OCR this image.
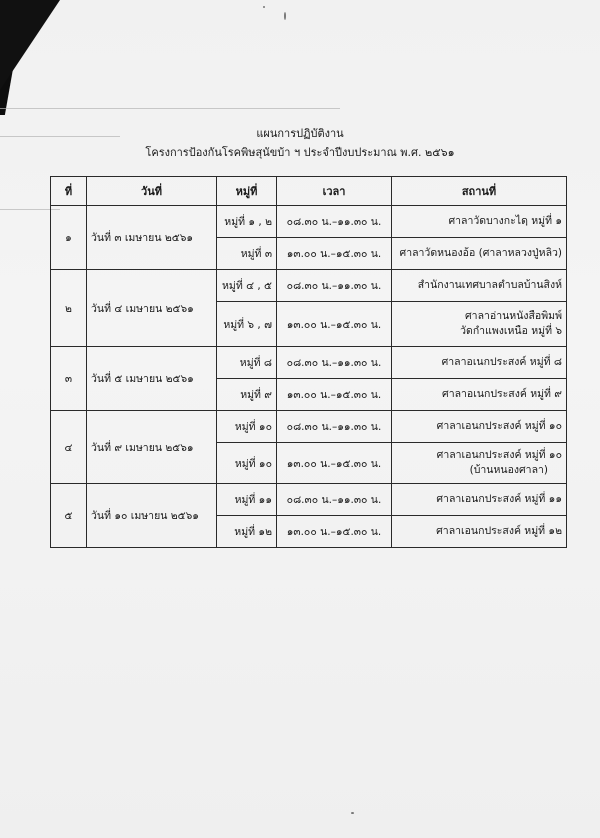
แผนการปฏิบัติงาน
โครงการป้องกันโรคพิษสุนัขบ้า ฯ ประจำปีงบประมาณ พ.ศ. ๒๕๖๑
ที่	วันที่	หมู่ที่	เวลา	สถานที่
๑	วันที่ ๓ เมษายน ๒๕๖๑	หมู่ที่ ๑ , ๒	๐๘.๓๐ น.–๑๑.๓๐ น.	ศาลาวัดบางกะไดฺ หมู่ที่ ๑
		หมู่ที่ ๓	๑๓.๐๐ น.–๑๕.๓๐ น.	ศาลาวัดหนองอ้อ (ศาลาหลวงปู่หลิว)
๒	วันที่ ๔ เมษายน ๒๕๖๑	หมู่ที่ ๔ , ๕	๐๘.๓๐ น.–๑๑.๓๐ น.	สำนักงานเทศบาลตำบลบ้านสิงห์
		หมู่ที่ ๖ , ๗	๑๓.๐๐ น.–๑๕.๓๐ น.	ศาลาอ่านหนังสือพิมพ์
วัดกำแพงเหนือ หมู่ที่ ๖

๓	วันที่ ๕ เมษายน ๒๕๖๑	หมู่ที่ ๘	๐๘.๓๐ น.–๑๑.๓๐ น.	ศาลาอเนกประสงค์ หมู่ที่ ๘
		หมู่ที่ ๙	๑๓.๐๐ น.–๑๕.๓๐ น.	ศาลาอเนกประสงค์ หมู่ที่ ๙
๔	วันที่ ๙ เมษายน ๒๕๖๑	หมู่ที่ ๑๐	๐๘.๓๐ น.–๑๑.๓๐ น.	ศาลาเอนกประสงค์ หมู่ที่ ๑๐
		หมู่ที่ ๑๐	๑๓.๐๐ น.–๑๕.๓๐ น.	ศาลาเอนกประสงค์ หมู่ที่ ๑๐
(บ้านหนองศาลา)

๕	วันที่ ๑๐ เมษายน ๒๕๖๑	หมู่ที่ ๑๑	๐๘.๓๐ น.–๑๑.๓๐ น.	ศาลาเอนกประสงค์ หมู่ที่ ๑๑
		หมู่ที่ ๑๒	๑๓.๐๐ น.–๑๕.๓๐ น.	ศาลาเอนกประสงค์ หมู่ที่ ๑๒
